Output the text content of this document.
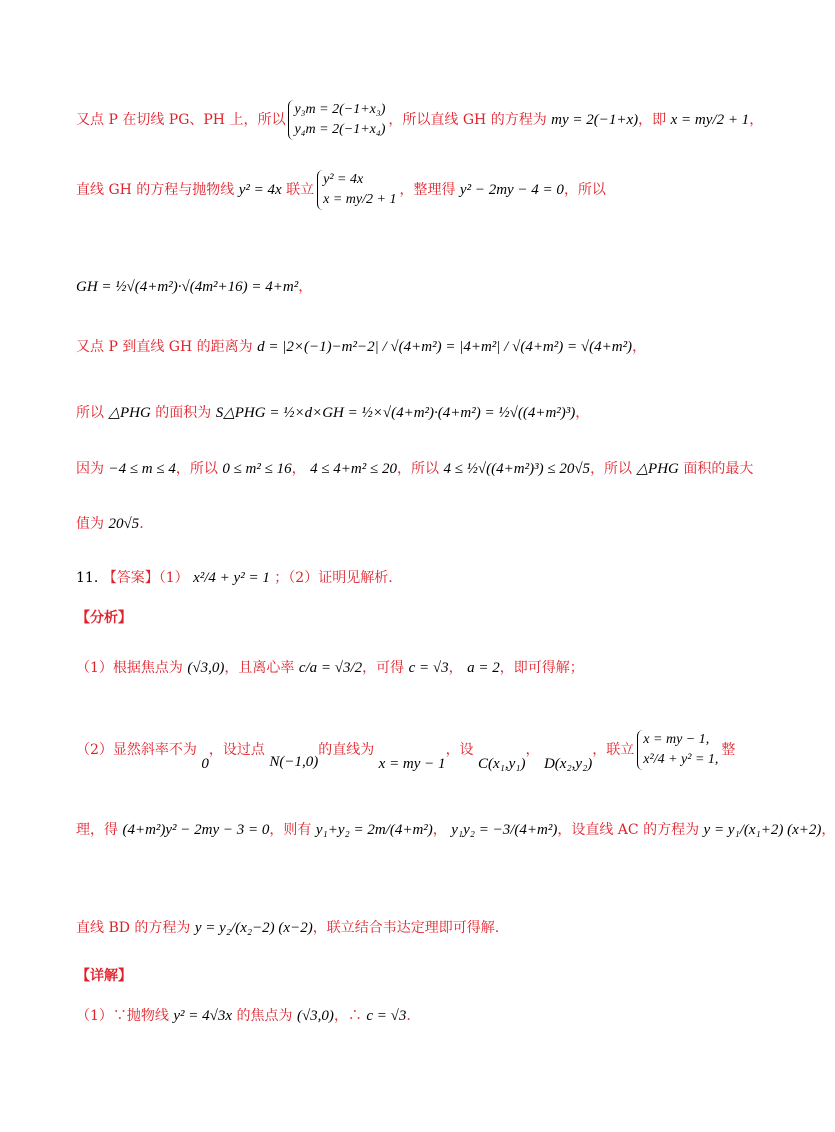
又点 P 在切线 PG、PH 上，所以
y₃m = 2(−1+x₃)
y₄m = 2(−1+x₄)
，所以直线 GH 的方程为 my = 2(−1+x)，即 x = my/2 + 1，
直线 GH 的方程与抛物线 y² = 4x 联立
y² = 4x
x = my/2 + 1
，整理得 y² − 2my − 4 = 0，所以
GH = ½√(4+m²)·√(4m²+16) = 4+m²，
又点 P 到直线 GH 的距离为 d = |2×(−1)−m²−2| / √(4+m²) = |4+m²| / √(4+m²) = √(4+m²)，
所以 △PHG 的面积为 S△PHG = ½×d×GH = ½×√(4+m²)·(4+m²) = ½√((4+m²)³)，
因为 −4 ≤ m ≤ 4，所以 0 ≤ m² ≤ 16， 4 ≤ 4+m² ≤ 20，所以 4 ≤ ½√((4+m²)³) ≤ 20√5，所以 △PHG 面积的最大
值为 20√5.
11. 【答案】（1） x²/4 + y² = 1 ；（2）证明见解析.
【分析】
（1）根据焦点为 (√3,0)，且离心率 c/a = √3/2，可得 c = √3， a = 2，即可得解；
（2）显然斜率不为 0，设过点 N(−1,0)的直线为 x = my − 1，设 C(x₁,y₁)， D(x₂,y₂)，联立
x = my − 1,
x²/4 + y² = 1,
整
理，得 (4+m²)y² − 2my − 3 = 0，则有 y₁+y₂ = 2m/(4+m²)， y₁y₂ = −3/(4+m²)，设直线 AC 的方程为 y = y₁/(x₁+2) (x+2)，
直线 BD 的方程为 y = y₂/(x₂−2) (x−2)，联立结合韦达定理即可得解.
【详解】
（1）∵抛物线 y² = 4√3x 的焦点为 (√3,0)，∴ c = √3.
